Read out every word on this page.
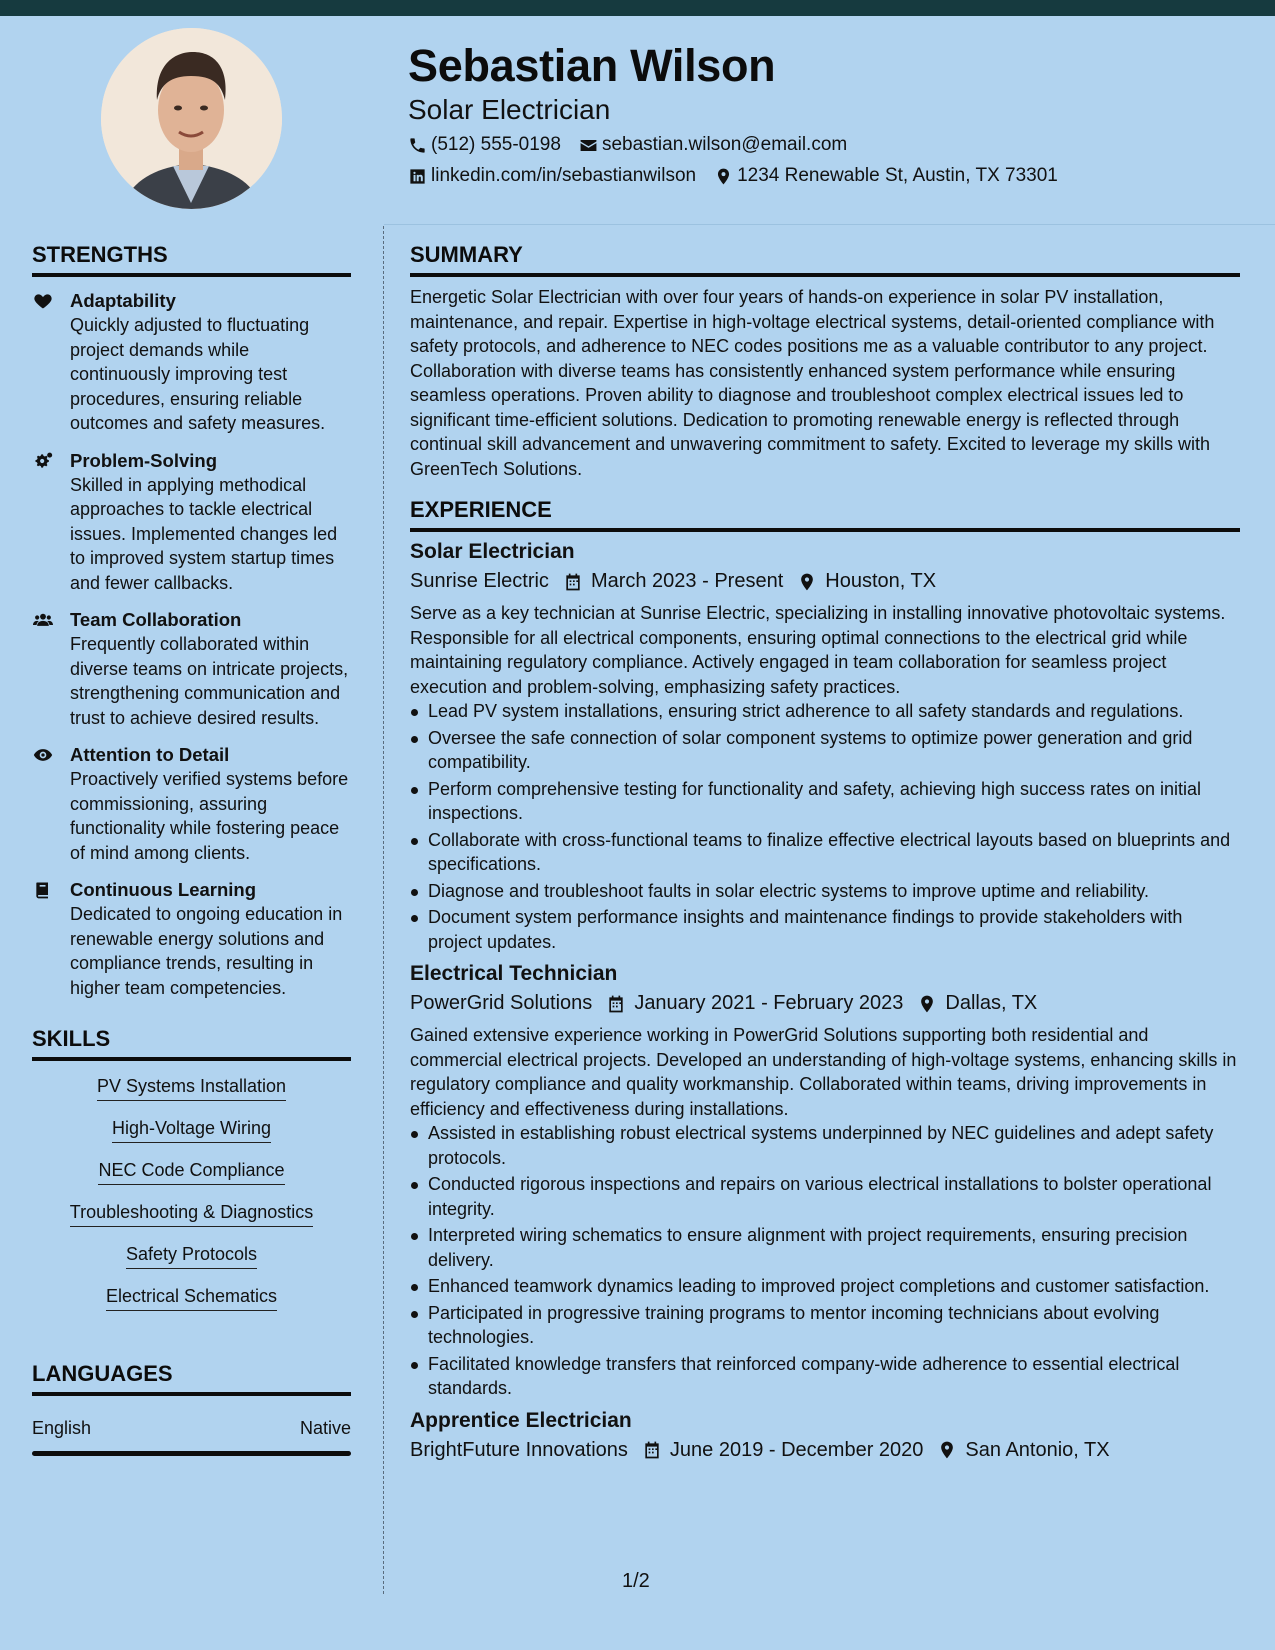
Sebastian Wilson
Solar Electrician
(512) 555-0198 sebastian.wilson@email.com
linkedin.com/in/sebastianwilson 1234 Renewable St, Austin, TX 73301
STRENGTHS
Adaptability
Quickly adjusted to fluctuating project demands while continuously improving test procedures, ensuring reliable outcomes and safety measures.
Problem-Solving
Skilled in applying methodical approaches to tackle electrical issues. Implemented changes led to improved system startup times and fewer callbacks.
Team Collaboration
Frequently collaborated within diverse teams on intricate projects, strengthening communication and trust to achieve desired results.
Attention to Detail
Proactively verified systems before commissioning, assuring functionality while fostering peace of mind among clients.
Continuous Learning
Dedicated to ongoing education in renewable energy solutions and compliance trends, resulting in higher team competencies.
SKILLS
PV Systems Installation
High-Voltage Wiring
NEC Code Compliance
Troubleshooting & Diagnostics
Safety Protocols
Electrical Schematics
LANGUAGES
English	Native
SUMMARY
Energetic Solar Electrician with over four years of hands-on experience in solar PV installation, maintenance, and repair. Expertise in high-voltage electrical systems, detail-oriented compliance with safety protocols, and adherence to NEC codes positions me as a valuable contributor to any project. Collaboration with diverse teams has consistently enhanced system performance while ensuring seamless operations. Proven ability to diagnose and troubleshoot complex electrical issues led to significant time-efficient solutions. Dedication to promoting renewable energy is reflected through continual skill advancement and unwavering commitment to safety. Excited to leverage my skills with GreenTech Solutions.
EXPERIENCE
Solar Electrician
Sunrise Electric March 2023 - Present Houston, TX
Serve as a key technician at Sunrise Electric, specializing in installing innovative photovoltaic systems. Responsible for all electrical components, ensuring optimal connections to the electrical grid while maintaining regulatory compliance. Actively engaged in team collaboration for seamless project execution and problem-solving, emphasizing safety practices.
Lead PV system installations, ensuring strict adherence to all safety standards and regulations.
Oversee the safe connection of solar component systems to optimize power generation and grid compatibility.
Perform comprehensive testing for functionality and safety, achieving high success rates on initial inspections.
Collaborate with cross-functional teams to finalize effective electrical layouts based on blueprints and specifications.
Diagnose and troubleshoot faults in solar electric systems to improve uptime and reliability.
Document system performance insights and maintenance findings to provide stakeholders with project updates.
Electrical Technician
PowerGrid Solutions January 2021 - February 2023 Dallas, TX
Gained extensive experience working in PowerGrid Solutions supporting both residential and commercial electrical projects. Developed an understanding of high-voltage systems, enhancing skills in regulatory compliance and quality workmanship. Collaborated within teams, driving improvements in efficiency and effectiveness during installations.
Assisted in establishing robust electrical systems underpinned by NEC guidelines and adept safety protocols.
Conducted rigorous inspections and repairs on various electrical installations to bolster operational integrity.
Interpreted wiring schematics to ensure alignment with project requirements, ensuring precision delivery.
Enhanced teamwork dynamics leading to improved project completions and customer satisfaction.
Participated in progressive training programs to mentor incoming technicians about evolving technologies.
Facilitated knowledge transfers that reinforced company-wide adherence to essential electrical standards.
Apprentice Electrician
BrightFuture Innovations June 2019 - December 2020 San Antonio, TX
1/2
